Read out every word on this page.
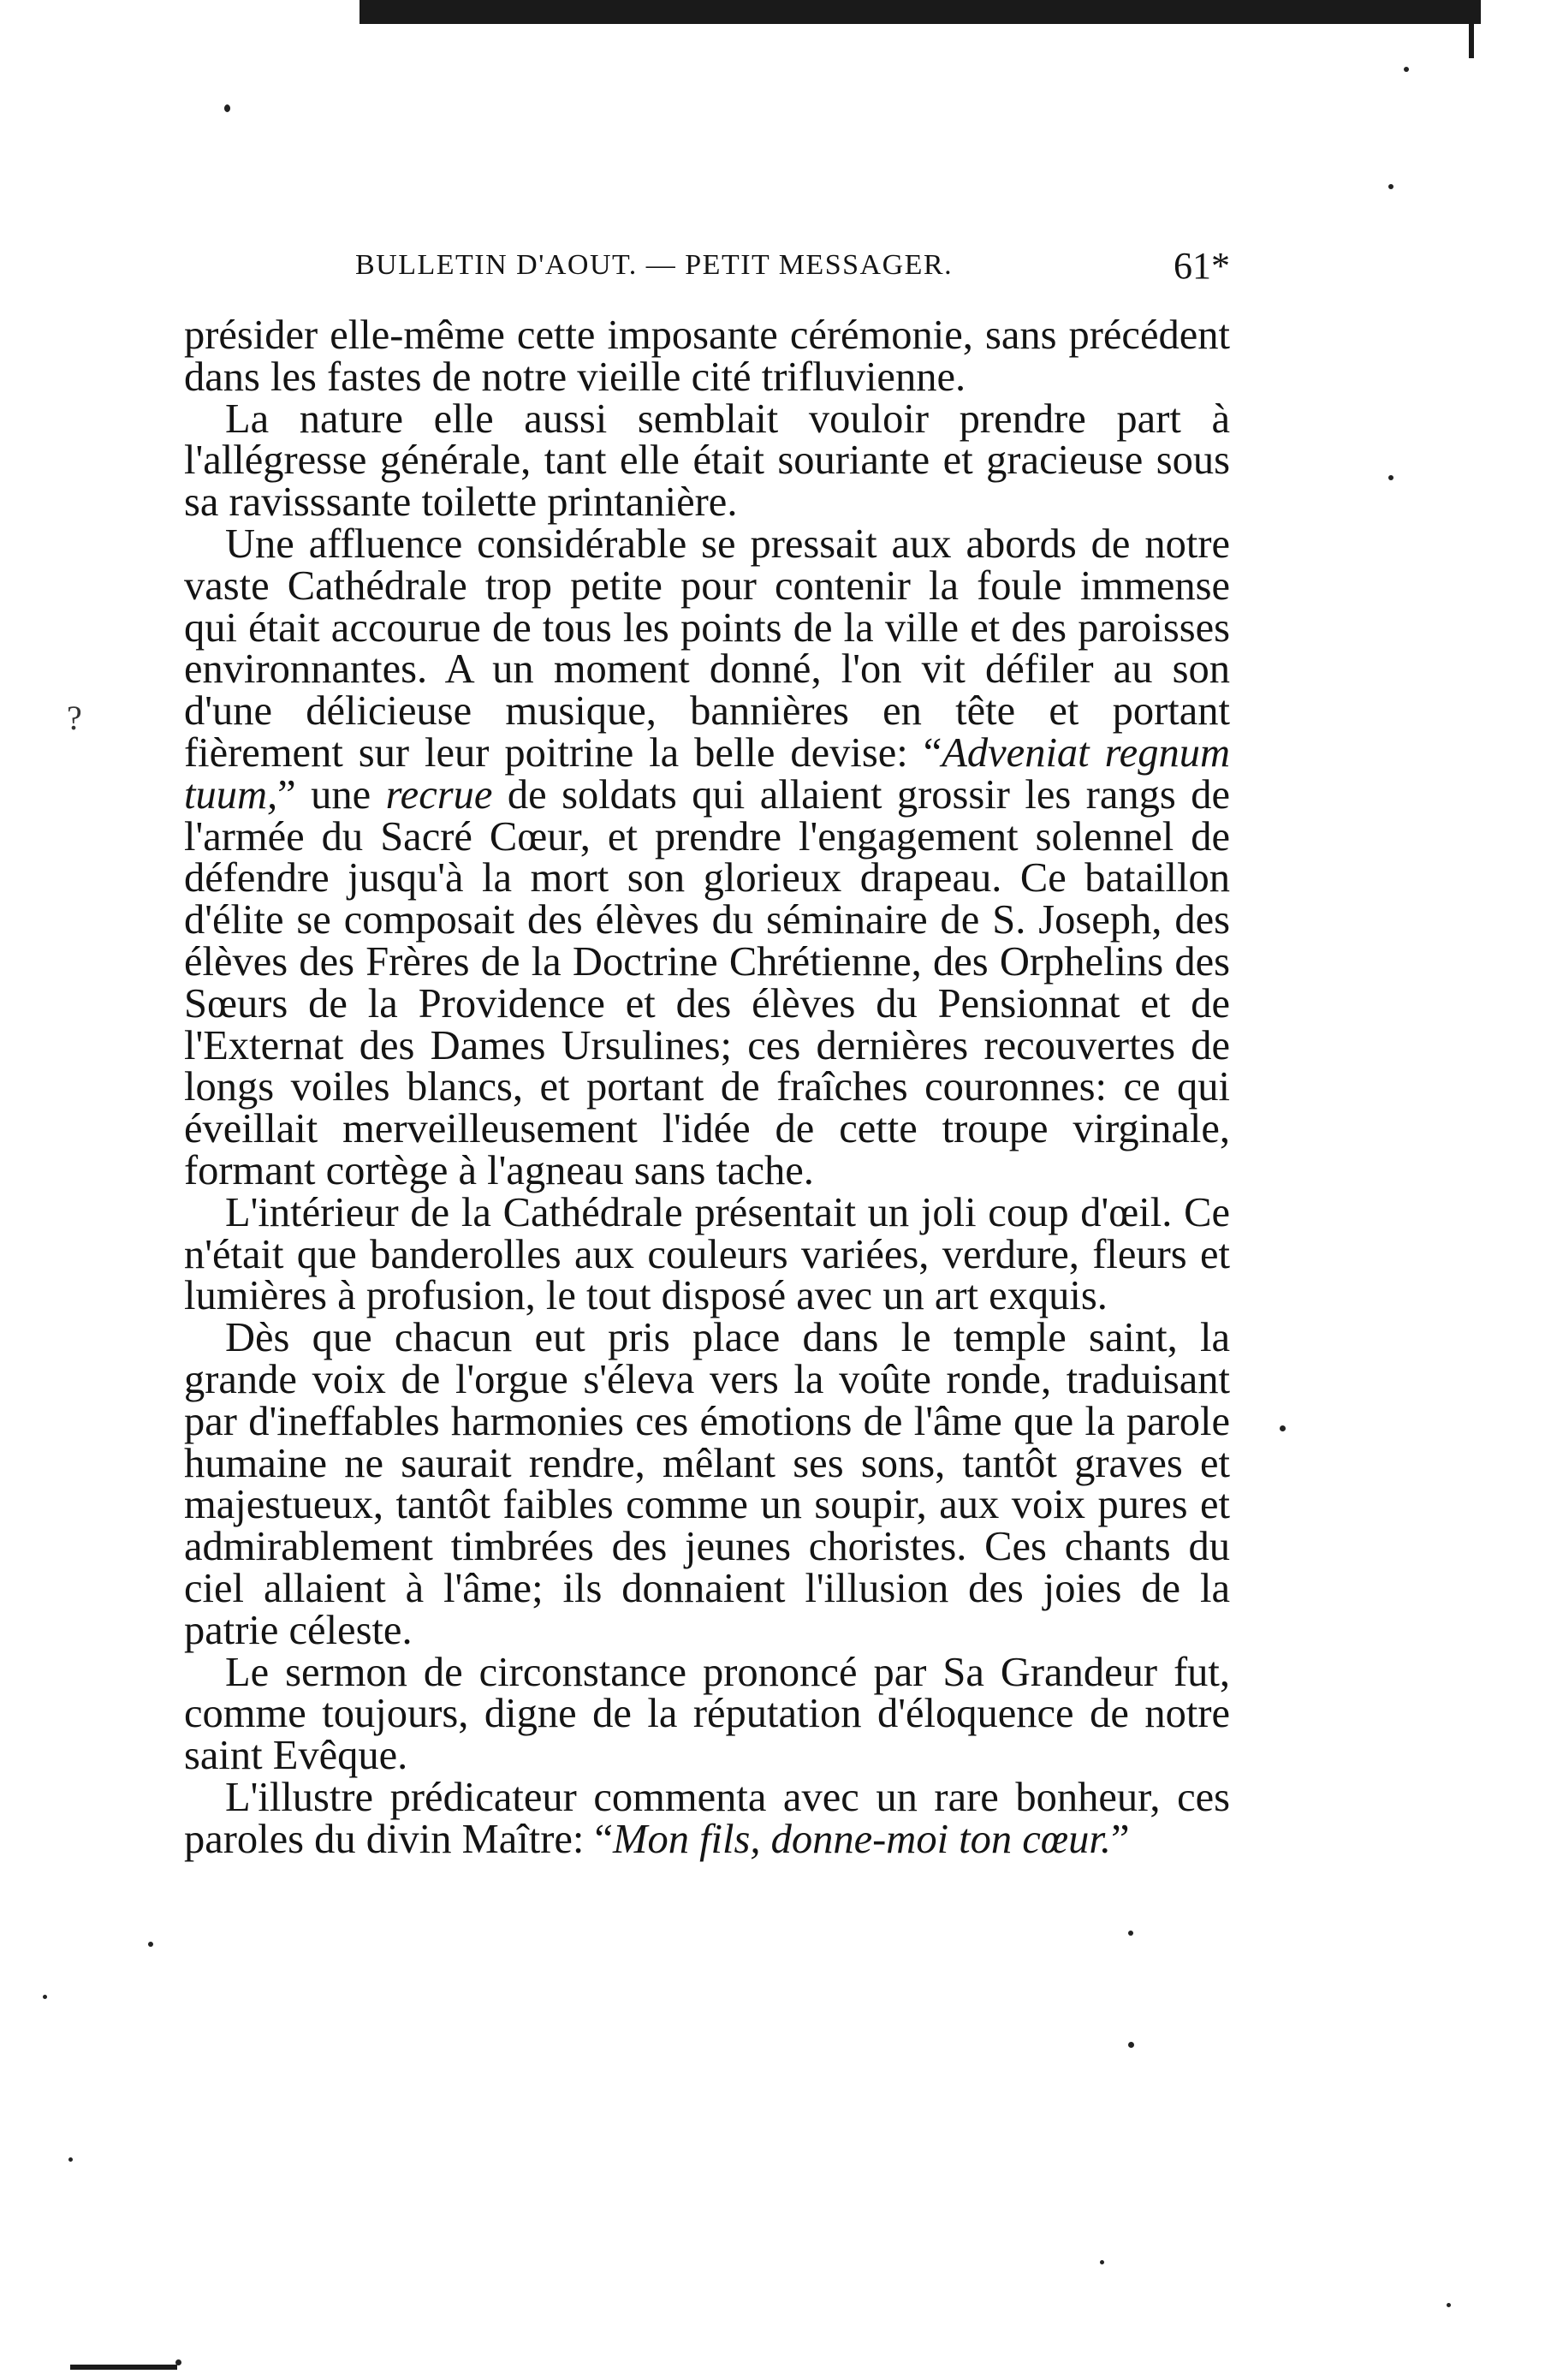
BULLETIN D'AOUT. — PETIT MESSAGER.	61*
?

présider elle-même cette imposante cérémonie, sans précédent dans les fastes de notre vieille cité trifluvienne.

La nature elle aussi semblait vouloir prendre part à l'allégresse générale, tant elle était souriante et gracieuse sous sa ravisssante toilette printanière.

Une affluence considérable se pressait aux abords de notre vaste Cathédrale trop petite pour contenir la foule immense qui était accourue de tous les points de la ville et des paroisses environnantes. A un moment donné, l'on vit défiler au son d'une délicieuse musique, bannières en tête et portant fièrement sur leur poitrine la belle devise: “Adveniat regnum tuum,” une recrue de soldats qui allaient grossir les rangs de l'armée du Sacré Cœur, et prendre l'engagement solennel de défendre jusqu'à la mort son glorieux drapeau. Ce bataillon d'élite se composait des élèves du séminaire de S. Joseph, des élèves des Frères de la Doctrine Chrétienne, des Orphelins des Sœurs de la Providence et des élèves du Pensionnat et de l'Externat des Dames Ursulines; ces dernières recouvertes de longs voiles blancs, et portant de fraîches couronnes: ce qui éveillait merveilleusement l'idée de cette troupe virginale, formant cortège à l'agneau sans tache.

L'intérieur de la Cathédrale présentait un joli coup d'œil. Ce n'était que banderolles aux couleurs variées, verdure, fleurs et lumières à profusion, le tout disposé avec un art exquis.

Dès que chacun eut pris place dans le temple saint, la grande voix de l'orgue s'éleva vers la voûte ronde, traduisant par d'ineffables harmonies ces émotions de l'âme que la parole humaine ne saurait rendre, mêlant ses sons, tantôt graves et majestueux, tantôt faibles comme un soupir, aux voix pures et admirablement timbrées des jeunes choristes. Ces chants du ciel allaient à l'âme; ils donnaient l'illusion des joies de la patrie céleste.

Le sermon de circonstance prononcé par Sa Grandeur fut, comme toujours, digne de la réputation d'éloquence de notre saint Evêque.

L'illustre prédicateur commenta avec un rare bonheur, ces paroles du divin Maître: “Mon fils, donne-moi ton cœur.”
